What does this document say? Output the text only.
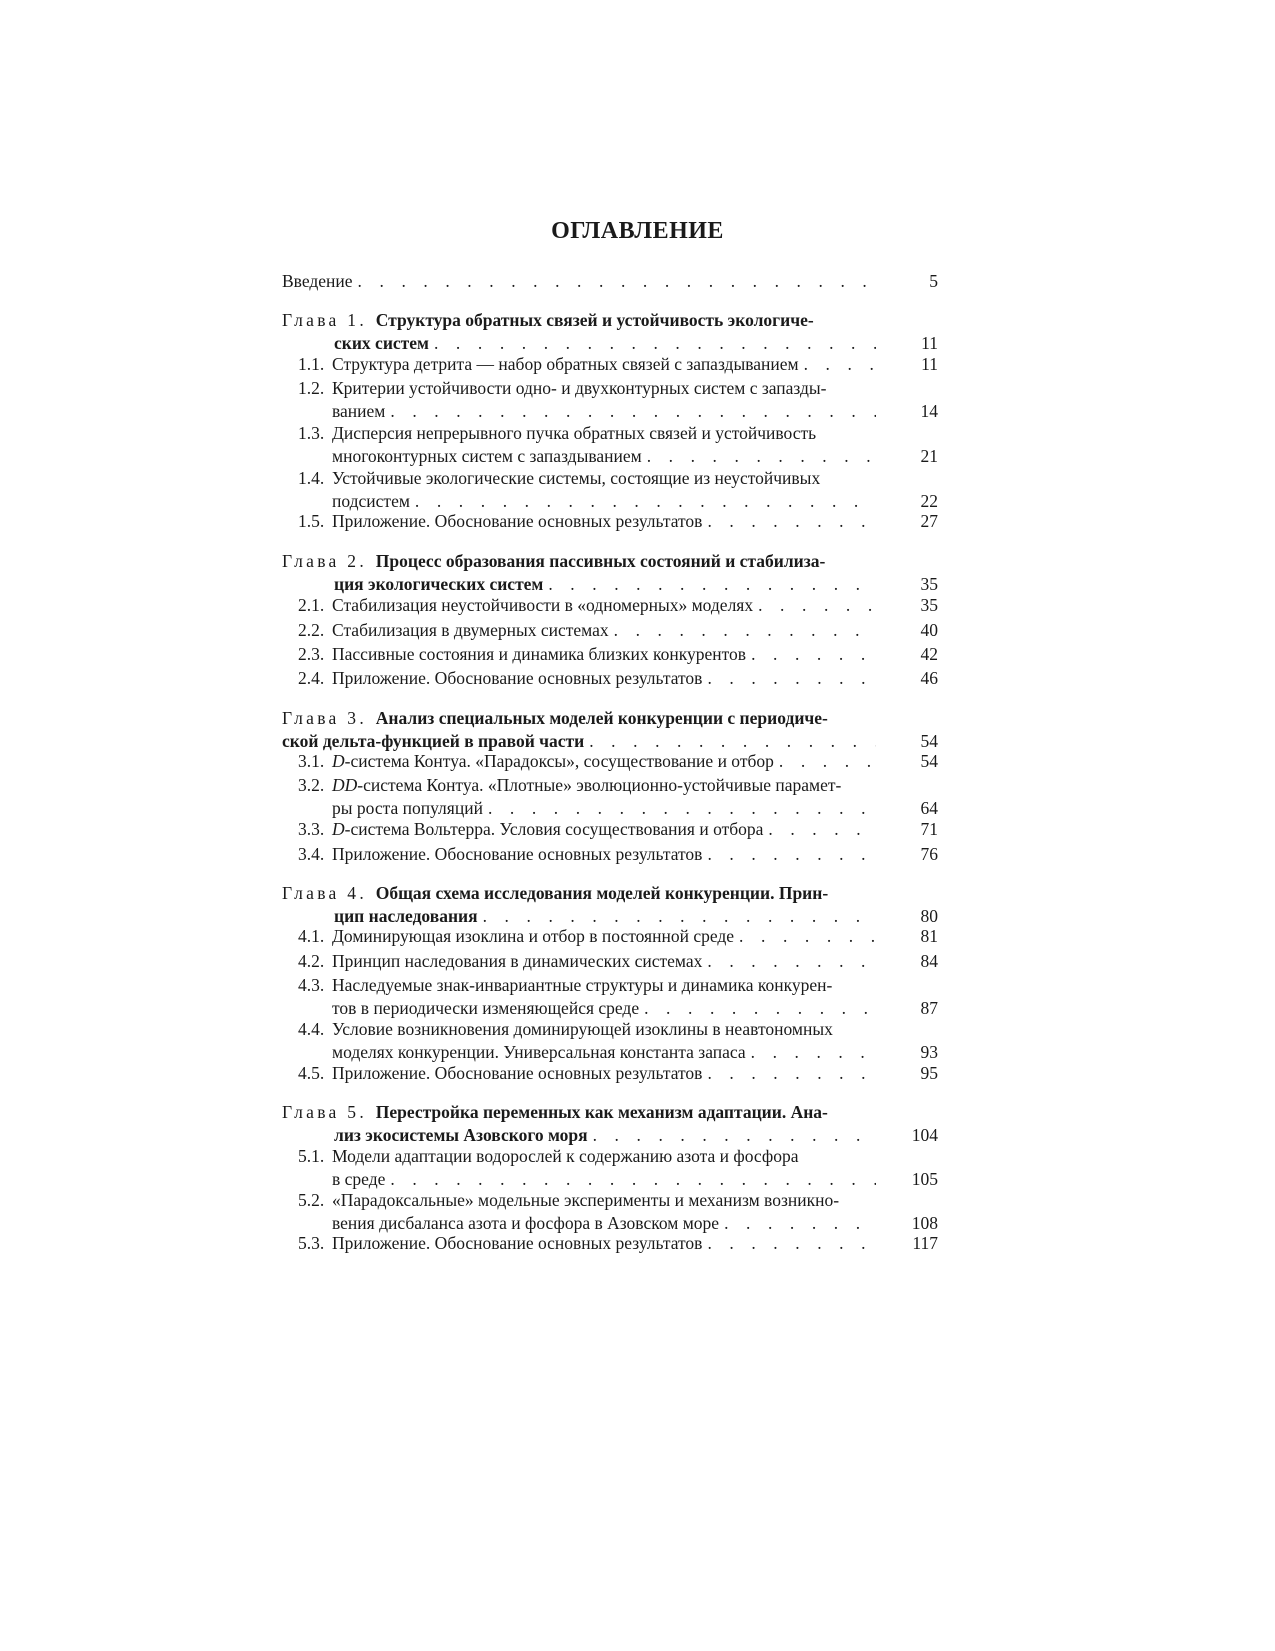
ОГЛАВЛЕНИЕ
Введение . . .	5
Глава 1. Структура обратных связей и устойчивость экологиче-
ских систем . . .	11
1.1. Структура детрита — набор обратных связей с запаздыванием . . .	11
1.2. Критерии устойчивости одно- и двухконтурных систем с запазды-
ванием . . .	14
1.3. Дисперсия непрерывного пучка обратных связей и устойчивость
многоконтурных систем с запаздыванием . . .	21
1.4. Устойчивые экологические системы, состоящие из неустойчивых
подсистем . . .	22
1.5. Приложение. Обоснование основных результатов . . .	27
Глава 2. Процесс образования пассивных состояний и стабилиза-
ция экологических систем . . .	35
2.1. Стабилизация неустойчивости в «одномерных» моделях . . .	35
2.2. Стабилизация в двумерных системах . . .	40
2.3. Пассивные состояния и динамика близких конкурентов . . .	42
2.4. Приложение. Обоснование основных результатов . . .	46
Глава 3. Анализ специальных моделей конкуренции с периодиче-
ской дельта-функцией в правой части . . .	54
3.1. D-система Контуа. «Парадоксы», сосуществование и отбор . . .	54
3.2. DD-система Контуа. «Плотные» эволюционно-устойчивые парамет-
ры роста популяций . . .	64
3.3. D-система Вольтерра. Условия сосуществования и отбора . . .	71
3.4. Приложение. Обоснование основных результатов . . .	76
Глава 4. Общая схема исследования моделей конкуренции. Прин-
цип наследования . . .	80
4.1. Доминирующая изоклина и отбор в постоянной среде . . .	81
4.2. Принцип наследования в динамических системах . . .	84
4.3. Наследуемые знак-инвариантные структуры и динамика конкурен-
тов в периодически изменяющейся среде . . .	87
4.4. Условие возникновения доминирующей изоклины в неавтономных
моделях конкуренции. Универсальная константа запаса . . .	93
4.5. Приложение. Обоснование основных результатов . . .	95
Глава 5. Перестройка переменных как механизм адаптации. Ана-
лиз экосистемы Азовского моря . . .	104
5.1. Модели адаптации водорослей к содержанию азота и фосфора
в среде . . .	105
5.2. «Парадоксальные» модельные эксперименты и механизм возникно-
вения дисбаланса азота и фосфора в Азовском море . . .	108
5.3. Приложение. Обоснование основных результатов . . .	117
